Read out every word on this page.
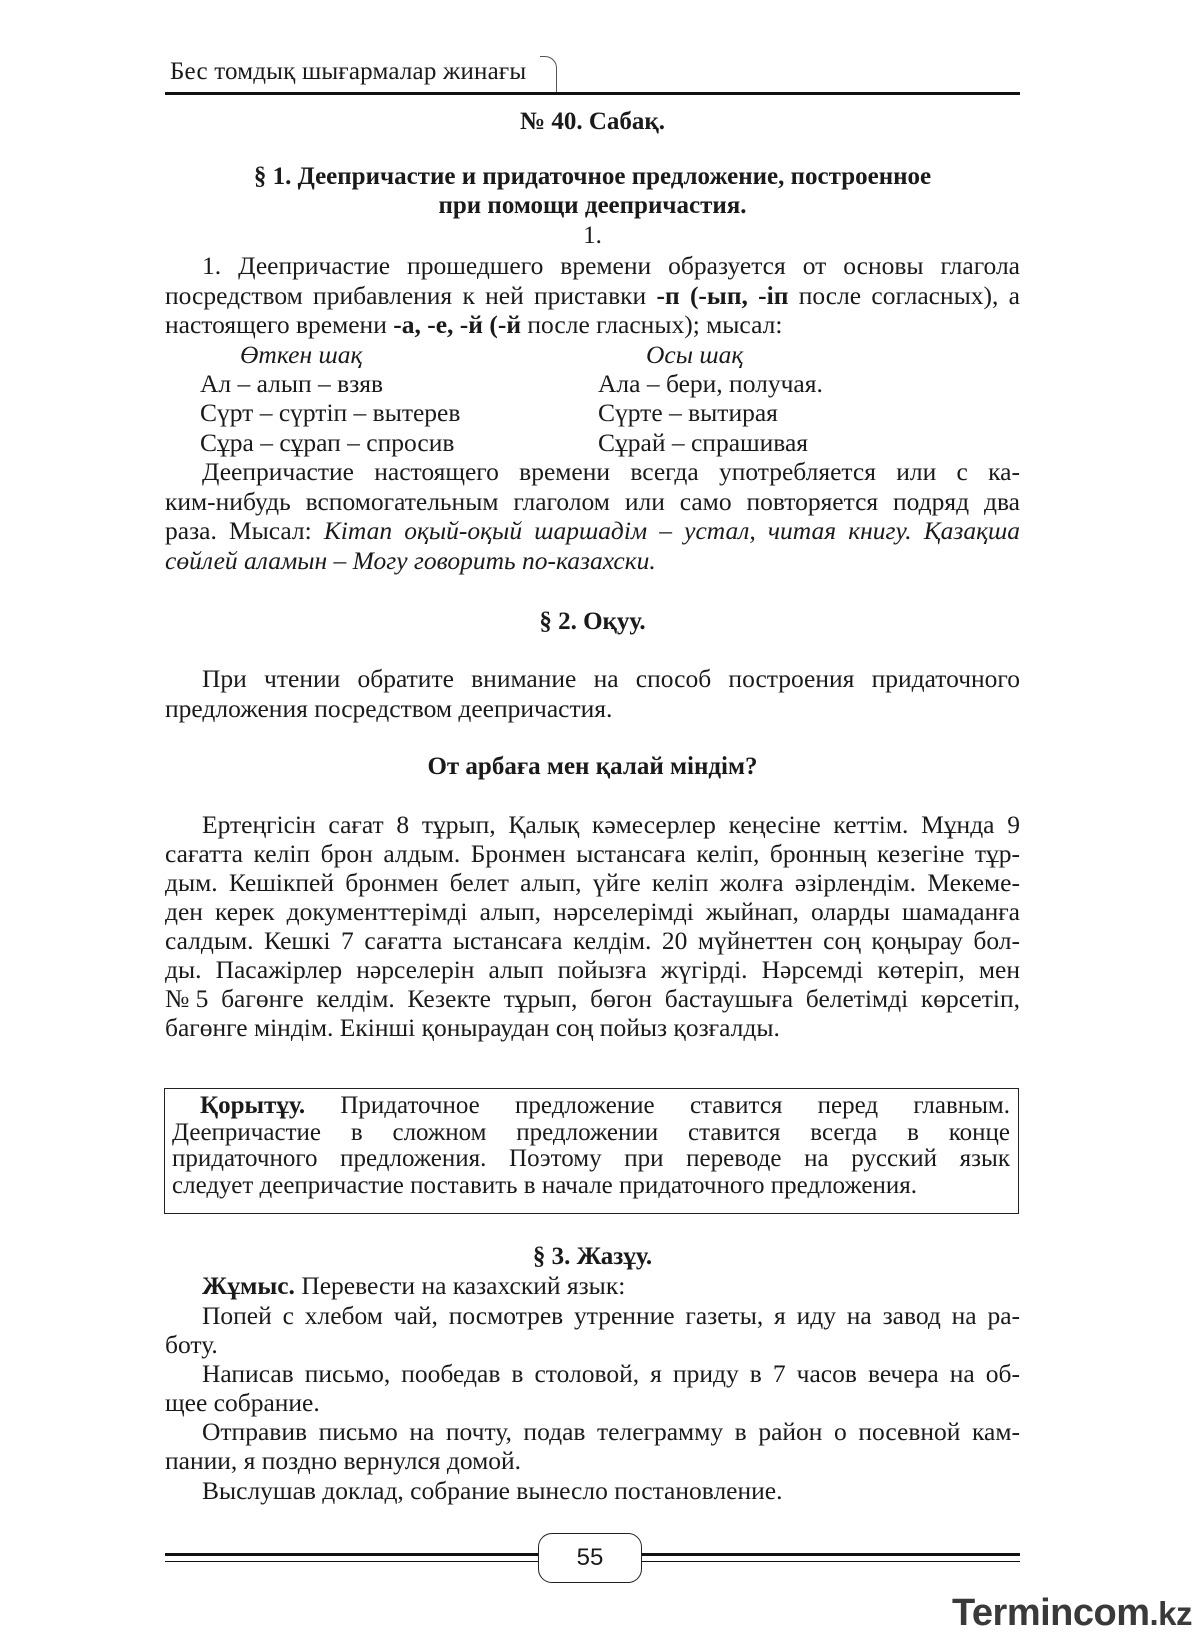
Бес томдық шығармалар жинағы
№ 40. Сабақ.
§ 1. Деепричастие и придаточное предложение, построенное
при помощи деепричастия.
1.
1. Деепричастие прошедшего времени образуется от основы глагола
посредством прибавления к ней приставки -п (-ып, -іп после согласных), а
настоящего времени -а, -е, -й (-й после гласных); мысал:
Өткен шақ	Осы шақ
Ал – алып – взяв	Ала – бери, получая.
Сүрт – сүртіп – вытерев	Сүрте – вытирая
Сұра – сұрап – спросив	Сұрай – спрашивая
Деепричастие настоящего времени всегда употребляется или с ка-
ким-нибудь вспомогательным глаголом или само повторяется подряд два
раза. Мысал: Кітап оқый-оқый шаршадім – устал, читая книгу. Қазақша
сөйлей аламын – Могу говорить по-казахски.
§ 2. Оқуу.
При чтении обратите внимание на способ построения придаточного
предложения посредством деепричастия.
От арбаға мен қалай міндім?
Ертеңгісін сағат 8 тұрып, Қалық кәмесерлер кеңесіне кеттім. Мұнда 9
сағатта келіп брон алдым. Бронмен ыстансаға келіп, бронның кезегіне тұр-
дым. Кешікпей бронмен белет алып, үйге келіп жолға әзірлендім. Мекеме-
ден керек документтерімді алып, нәрселерімді жыйнап, оларды шамаданға
салдым. Кешкі 7 сағатта ыстансаға келдім. 20 мүйнеттен соң қоңырау бол-
ды. Пасажірлер нәрселерін алып пойызға жүгірді. Нәрсемді көтеріп, мен
№5 багөнге келдім. Кезекте тұрып, бөгон бастаушыға белетімді көрсетіп,
багөнге міндім. Екінші қоныраудан соң пойыз қозғалды.
Қорытұу. Придаточное предложение ставится перед главным.
Деепричастие в сложном предложении ставится всегда в конце
придаточного предложения. Поэтому при переводе на русский язык
следует деепричастие поставить в начале придаточного предложения.
§ 3. Жазұу.
Жұмыс. Перевести на казахский язык:
Попей с хлебом чай, посмотрев утренние газеты, я иду на завод на ра-
боту.
Написав письмо, пообедав в столовой, я приду в 7 часов вечера на об-
щее собрание.
Отправив письмо на почту, подав телеграмму в район о посевной кам-
пании, я поздно вернулся домой.
Выслушав доклад, собрание вынесло постановление.
55
Termincom.kz
